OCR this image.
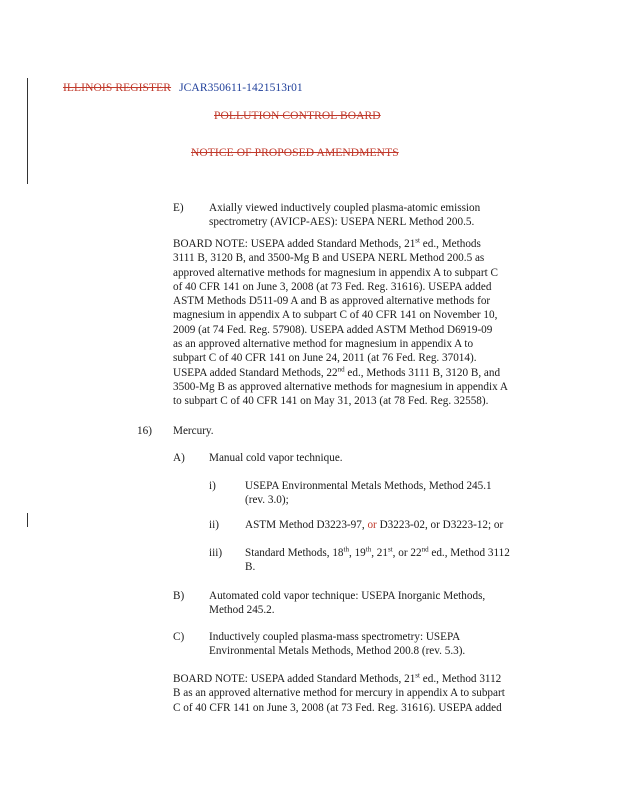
ILLINOIS REGISTER JCAR350611-1421513r01
POLLUTION CONTROL BOARD
NOTICE OF PROPOSED AMENDMENTS
E) Axially viewed inductively coupled plasma-atomic emission
spectrometry (AVICP-AES): USEPA NERL Method 200.5.
BOARD NOTE: USEPA added Standard Methods, 21st ed., Methods
3111 B, 3120 B, and 3500-Mg B and USEPA NERL Method 200.5 as
approved alternative methods for magnesium in appendix A to subpart C
of 40 CFR 141 on June 3, 2008 (at 73 Fed. Reg. 31616). USEPA added
ASTM Methods D511-09 A and B as approved alternative methods for
magnesium in appendix A to subpart C of 40 CFR 141 on November 10,
2009 (at 74 Fed. Reg. 57908). USEPA added ASTM Method D6919-09
as an approved alternative method for magnesium in appendix A to
subpart C of 40 CFR 141 on June 24, 2011 (at 76 Fed. Reg. 37014).
USEPA added Standard Methods, 22nd ed., Methods 3111 B, 3120 B, and
3500-Mg B as approved alternative methods for magnesium in appendix A
to subpart C of 40 CFR 141 on May 31, 2013 (at 78 Fed. Reg. 32558).
16) Mercury.
A) Manual cold vapor technique.
i)	USEPA Environmental Metals Methods, Method 245.1
(rev. 3.0);
ii) ASTM Method D3223-97, or D3223-02, or D3223-12; or
iii) Standard Methods, 18th, 19th, 21st, or 22nd ed., Method 3112
B.
B) Automated cold vapor technique: USEPA Inorganic Methods,
Method 245.2.
C) Inductively coupled plasma-mass spectrometry: USEPA
Environmental Metals Methods, Method 200.8 (rev. 5.3).
BOARD NOTE: USEPA added Standard Methods, 21st ed., Method 3112
B as an approved alternative method for mercury in appendix A to subpart
C of 40 CFR 141 on June 3, 2008 (at 73 Fed. Reg. 31616). USEPA added
